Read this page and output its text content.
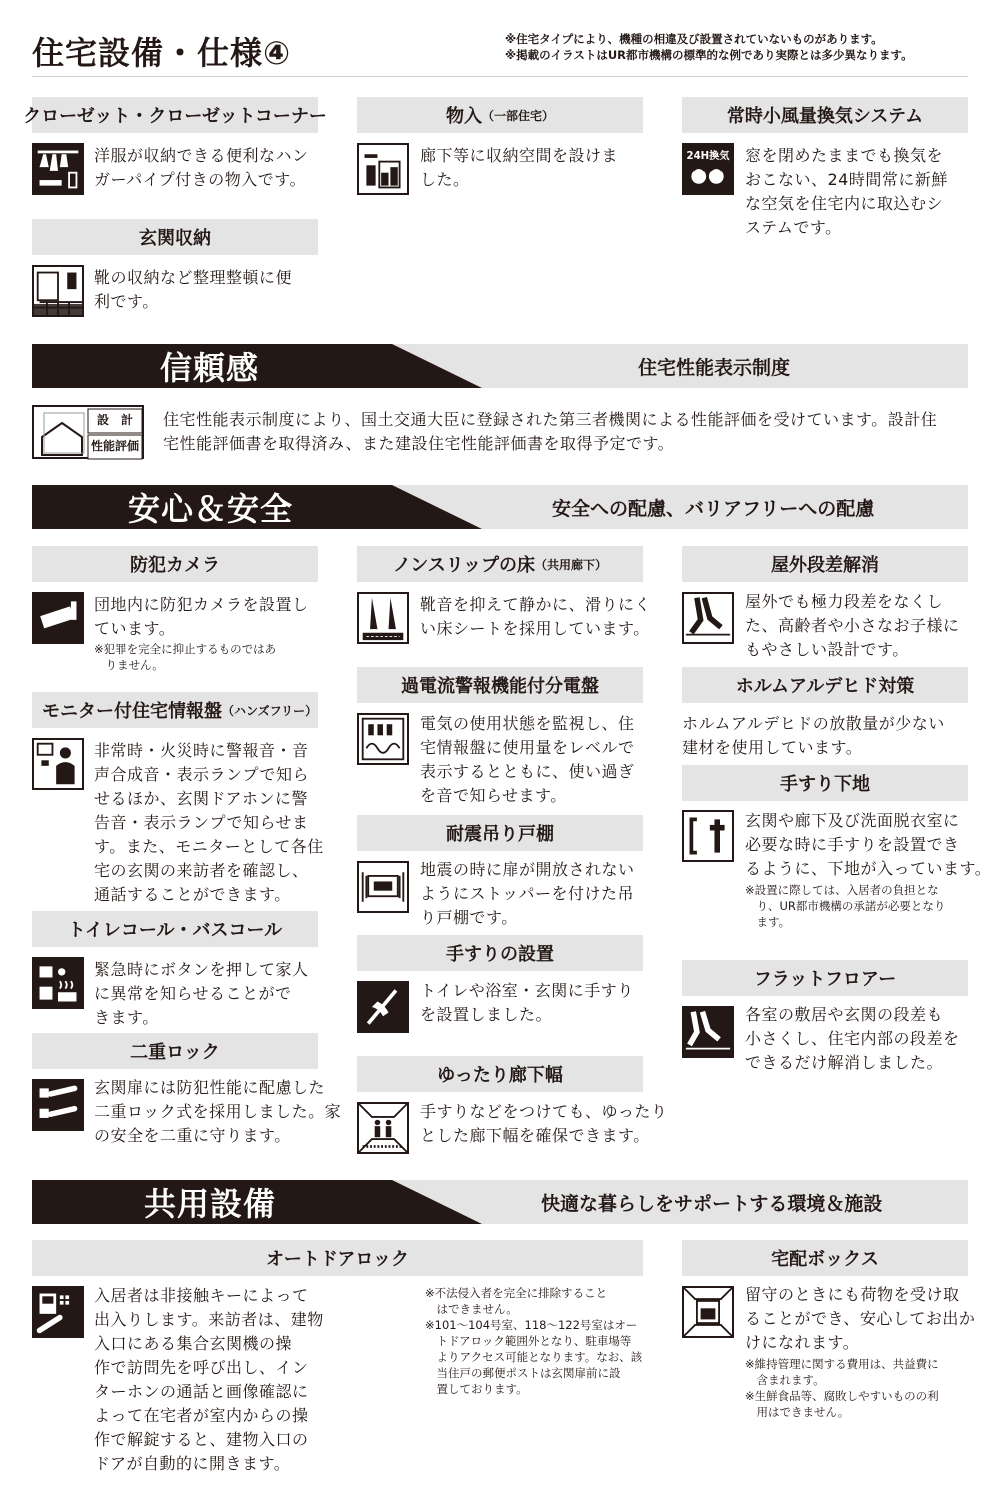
住宅設備・仕様④	※住宅タイプにより、機種の相違及び設置されていないものがあります。
※掲載のイラストはUR都市機構の標準的な例であり実際とは多少異なります。
クローゼット・クローゼットコーナー
洋服が収納できる便利なハン
ガーパイプ付きの物入です。
物入 （一部住宅）
廊下等に収納空間を設けま
した。
常時小風量換気システム
24H換気 窓を閉めたままでも換気を
おこない、24時間常に新鮮
な空気を住宅内に取込むシ
ステムです。
玄関収納
靴の収納など整理整頓に便
利です。
信頼感	住宅性能表示制度
設　計
性能評価
住宅性能表示制度により、国土交通大臣に登録された第三者機関による性能評価を受けています。設計住
宅性能評価書を取得済み、また建設住宅性能評価書を取得予定です。
安心＆安全	安全への配慮、バリアフリーへの配慮
防犯カメラ
団地内に防犯カメラを設置し
ています。
※犯罪を完全に抑止するものではあ
　りません。
モニター付住宅情報盤 （ハンズフリー）
非常時・火災時に警報音・音
声合成音・表示ランプで知ら
せるほか、玄関ドアホンに警
告音・表示ランプで知らせま
す。また、モニターとして各住
宅の玄関の来訪者を確認し、
通話することができます。
トイレコール・バスコール
緊急時にボタンを押して家人
に異常を知らせることがで
きます。
二重ロック
玄関扉には防犯性能に配慮した
二重ロック式を採用しました。家
の安全を二重に守ります。
ノンスリップの床 （共用廊下）
靴音を抑えて静かに、滑りにく
い床シートを採用しています。
過電流警報機能付分電盤
電気の使用状態を監視し、住
宅情報盤に使用量をレベルで
表示するとともに、使い過ぎ
を音で知らせます。
耐震吊り戸棚
地震の時に扉が開放されない
ようにストッパーを付けた吊
り戸棚です。
手すりの設置
トイレや浴室・玄関に手すり
を設置しました。
ゆったり廊下幅
手すりなどをつけても、ゆったり
とした廊下幅を確保できます。
屋外段差解消
屋外でも極力段差をなくし
た、高齢者や小さなお子様に
もやさしい設計です。
ホルムアルデヒド対策
ホルムアルデヒドの放散量が少ない
建材を使用しています。
手すり下地
玄関や廊下及び洗面脱衣室に
必要な時に手すりを設置でき
るように、下地が入っています。
※設置に際しては、入居者の負担とな
　り、UR都市機構の承諾が必要となり
　ます。
フラットフロアー
各室の敷居や玄関の段差も
小さくし、住宅内部の段差を
できるだけ解消しました。
共用設備	快適な暮らしをサポートする環境＆施設
オートドアロック
入居者は非接触キーによって
出入りします。来訪者は、建物
入口にある集合玄関機の操
作で訪問先を呼び出し、イン
ターホンの通話と画像確認に
よって在宅者が室内からの操
作で解錠すると、建物入口の
ドアが自動的に開きます。
※不法侵入者を完全に排除すること
　はできません。
※101〜104号室、118〜122号室はオー
　トドアロック範囲外となり、駐車場等
　よりアクセス可能となります。なお、該
　当住戸の郵便ポストは玄関扉前に設
　置しております。
宅配ボックス
留守のときにも荷物を受け取
ることができ、安心してお出か
けになれます。
※維持管理に関する費用は、共益費に
　含まれます。
※生鮮食品等、腐敗しやすいものの利
　用はできません。
